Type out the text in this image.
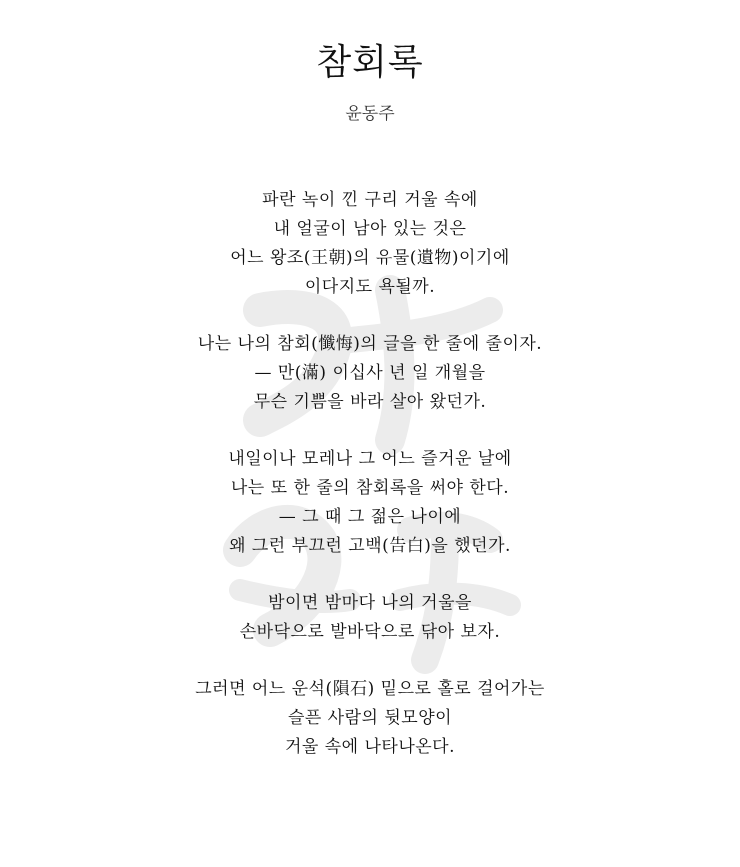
참회록
윤동주
파란 녹이 낀 구리 거울 속에
내 얼굴이 남아 있는 것은
어느 왕조(王朝)의 유물(遺物)이기에
이다지도 욕될까.
나는 나의 참회(懺悔)의 글을 한 줄에 줄이자.
— 만(滿) 이십사 년 일 개월을
무슨 기쁨을 바라 살아 왔던가.
내일이나 모레나 그 어느 즐거운 날에
나는 또 한 줄의 참회록을 써야 한다.
— 그 때 그 젊은 나이에
왜 그런 부끄런 고백(告白)을 했던가.
밤이면 밤마다 나의 거울을
손바닥으로 발바닥으로 닦아 보자.
그러면 어느 운석(隕石) 밑으로 홀로 걸어가는
슬픈 사람의 뒷모양이
거울 속에 나타나온다.
